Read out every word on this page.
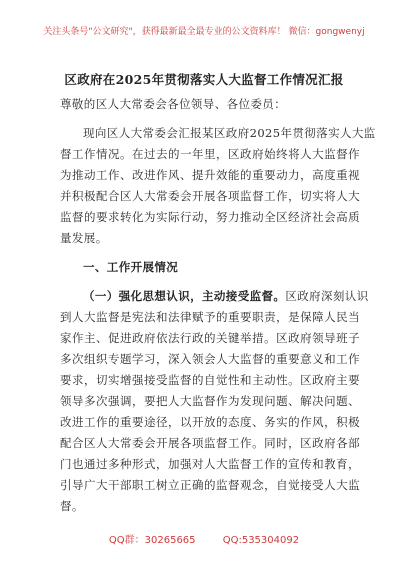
关注头条号"公文研究"，获得最新最全最专业的公文资料库！ 微信：gongwenyj
区政府在2025年贯彻落实人大监督工作情况汇报
尊敬的区人大常委会各位领导、各位委员：
现向区人大常委会汇报某区政府2025年贯彻落实人大监
督工作情况。在过去的一年里，区政府始终将人大监督作
为推动工作、改进作风、提升效能的重要动力，高度重视
并积极配合区人大常委会开展各项监督工作，切实将人大
监督的要求转化为实际行动，努力推动全区经济社会高质
量发展。
一、工作开展情况
（一）强化思想认识，主动接受监督。 区政府深刻认识
到人大监督是宪法和法律赋予的重要职责，是保障人民当
家作主、促进政府依法行政的关键举措。区政府领导班子
多次组织专题学习，深入领会人大监督的重要意义和工作
要求，切实增强接受监督的自觉性和主动性。区政府主要
领导多次强调，要把人大监督作为发现问题、解决问题、
改进工作的重要途径，以开放的态度、务实的作风，积极
配合区人大常委会开展各项监督工作。同时，区政府各部
门也通过多种形式，加强对人大监督工作的宣传和教育，
引导广大干部职工树立正确的监督观念，自觉接受人大监
督。
QQ群：30265665	QQ:535304092
